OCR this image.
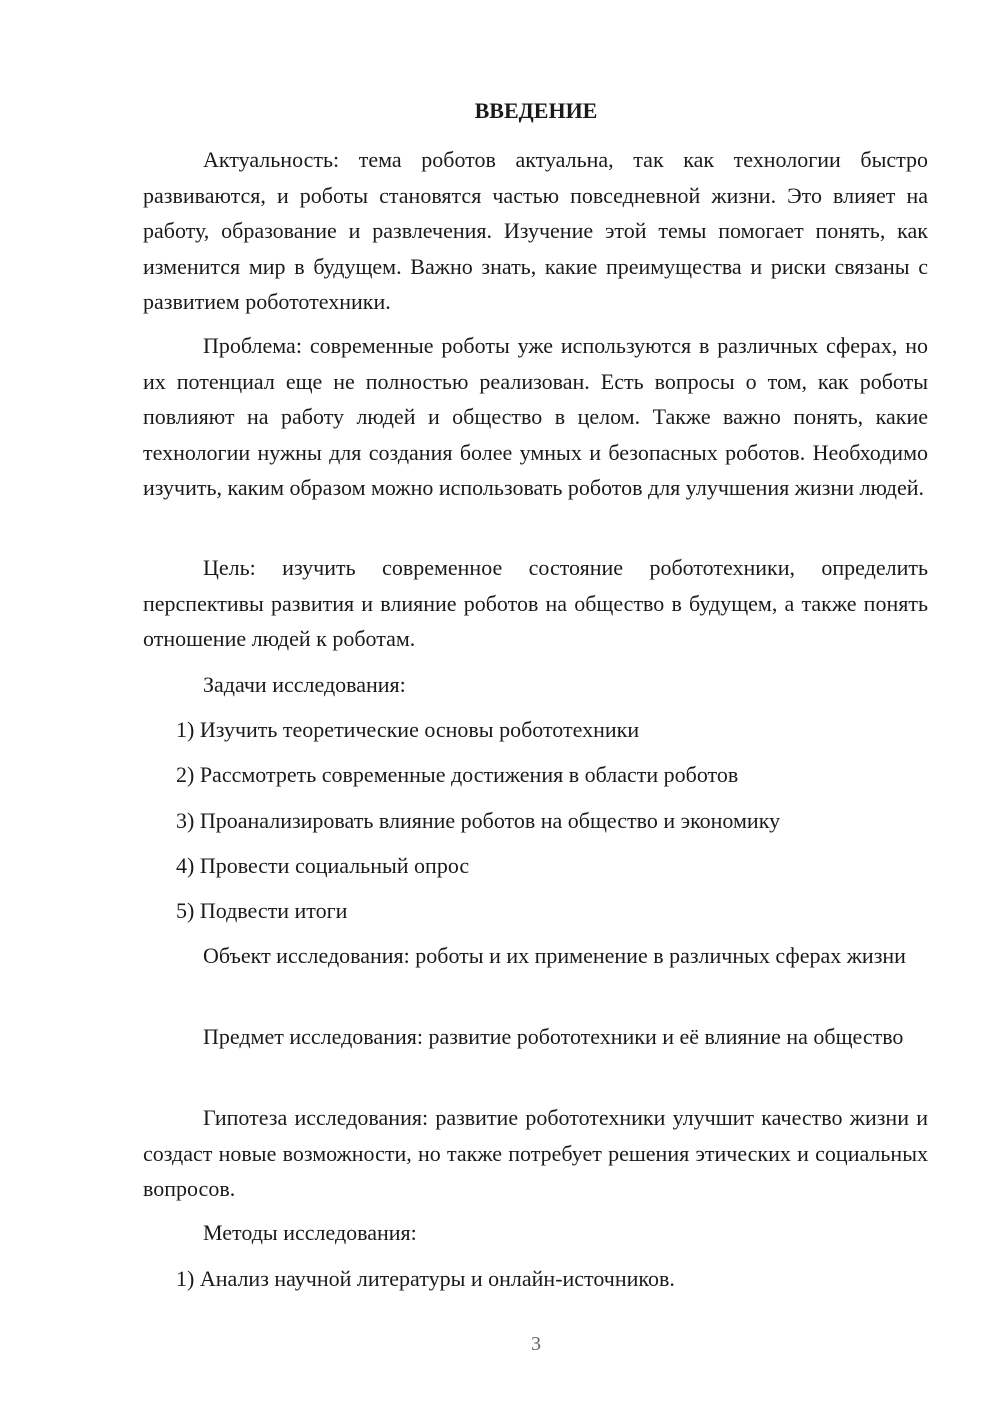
ВВЕДЕНИЕ

Актуальность: тема роботов актуальна, так как технологии быстро развиваются, и роботы становятся частью повседневной жизни. Это влияет на работу, образование и развлечения. Изучение этой темы помогает понять, как изменится мир в будущем. Важно знать, какие преимущества и риски связаны с развитием робототехники.

Проблема: современные роботы уже используются в различных сферах, но их потенциал еще не полностью реализован. Есть вопросы о том, как роботы повлияют на работу людей и общество в целом. Также важно понять, какие технологии нужны для создания более умных и безопасных роботов. Необходимо изучить, каким образом можно использовать роботов для улучшения жизни людей.

Цель: изучить современное состояние робототехники, определить перспективы развития и влияние роботов на общество в будущем, а также понять отношение людей к роботам.

Задачи исследования:
1) Изучить теоретические основы робототехники
2) Рассмотреть современные достижения в области роботов
3) Проанализировать влияние роботов на общество и экономику
4) Провести социальный опрос
5) Подвести итоги

Объект исследования: роботы и их применение в различных сферах жизни

Предмет исследования: развитие робототехники и её влияние на общество

Гипотеза исследования: развитие робототехники улучшит качество жизни и создаст новые возможности, но также потребует решения этических и социальных вопросов.

Методы исследования:
1) Анализ научной литературы и онлайн-источников.
3
